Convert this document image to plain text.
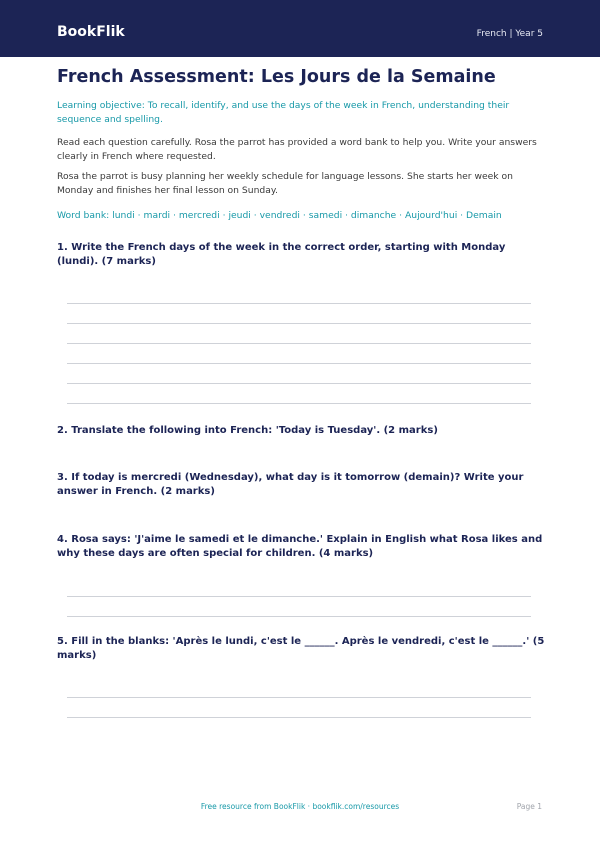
BookFlik	French | Year 5
French Assessment: Les Jours de la Semaine
Learning objective: To recall, identify, and use the days of the week in French, understanding their sequence and spelling.
Read each question carefully. Rosa the parrot has provided a word bank to help you. Write your answers clearly in French where requested.
Rosa the parrot is busy planning her weekly schedule for language lessons. She starts her week on Monday and finishes her final lesson on Sunday.
Word bank: lundi · mardi · mercredi · jeudi · vendredi · samedi · dimanche · Aujourd'hui · Demain
1. Write the French days of the week in the correct order, starting with Monday (lundi). (7 marks)
2. Translate the following into French: 'Today is Tuesday'. (2 marks)
3. If today is mercredi (Wednesday), what day is it tomorrow (demain)? Write your answer in French. (2 marks)
4. Rosa says: 'J'aime le samedi et le dimanche.' Explain in English what Rosa likes and why these days are often special for children. (4 marks)
5. Fill in the blanks: 'Après le lundi, c'est le ______. Après le vendredi, c'est le ______.' (5 marks)
Free resource from BookFlik · bookflik.com/resources	Page 1
